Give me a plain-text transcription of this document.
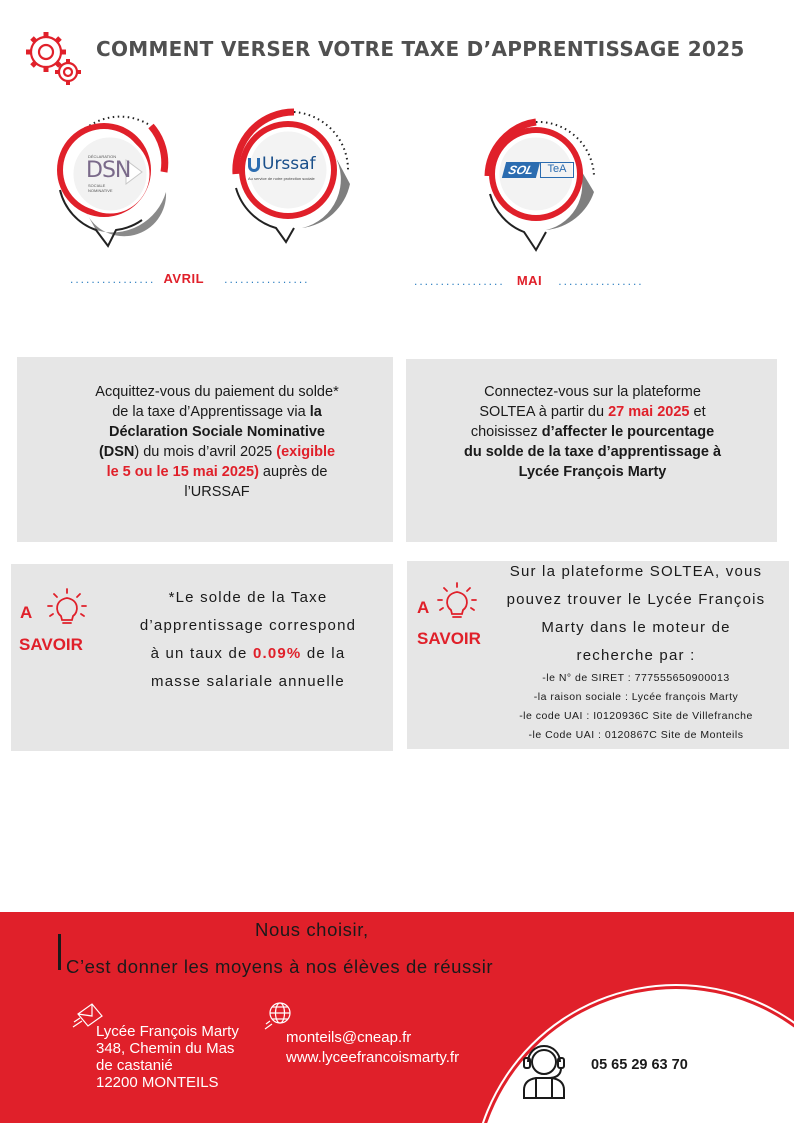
COMMENT VERSER VOTRE TAXE D’APPRENTISSAGE 2025
DÉCLARATION
DSN
SOCIALE NOMINATIVE
Urssaf
Au service de notre protection sociale
SOL	TeA
................ AVRIL ................	................. MAI ................
Acquittez-vous du paiement du solde*
de la taxe d’Apprentissage via la
Déclaration Sociale Nominative
(DSN) du mois d’avril 2025 (exigible
le 5 ou le 15 mai 2025) auprès de
l’URSSAF
Connectez-vous sur la plateforme
SOLTEA à partir du 27 mai 2025 et
choisissez d’affecter le pourcentage
du solde de la taxe d’apprentissage à
Lycée François Marty
A
SAVOIR
*Le solde de la Taxe
d’apprentissage correspond
à un taux de 0.09% de la
masse salariale annuelle
A
SAVOIR
Sur la plateforme SOLTEA, vous
pouvez trouver le Lycée François
Marty dans le moteur de
recherche par :
-le N° de SIRET : 777555650900013
-la raison sociale : Lycée françois Marty
-le code UAI : I0120936C Site de Villefranche
-le Code UAI : 0120867C Site de Monteils
Nous choisir,
C’est donner les moyens à nos élèves de réussir
Lycée François Marty
348, Chemin du Mas
de castanié
12200 MONTEILS
monteils@cneap.fr
www.lyceefrancoismarty.fr	05 65 29 63 70
